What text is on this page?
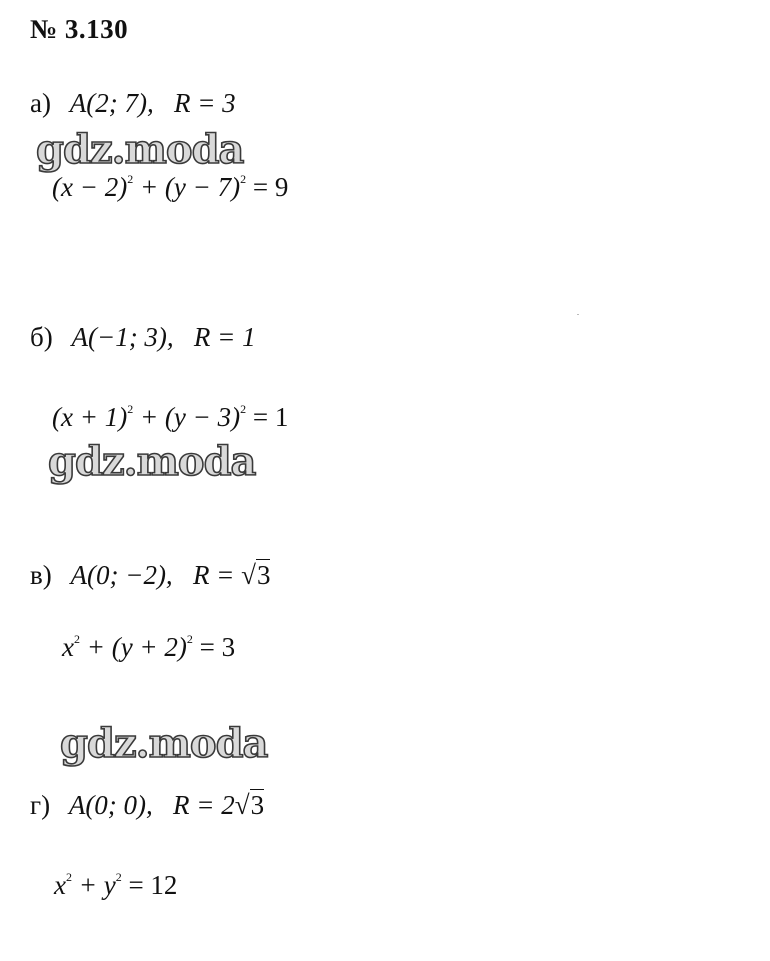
№ 3.130
а) A(2; 7), R = 3
gdz.moda
$(x - 2)^2 + (y - 7)^2 = 9$
б) A(−1; 3), R = 1
$(x + 1)^2 + (y - 3)^2 = 1$
gdz.moda
в) A(0; −2), R = √3
$x^2 + (y + 2)^2 = 3$
gdz.moda
г) A(0; 0), R = 2√3
$x^2 + y^2 = 12$
